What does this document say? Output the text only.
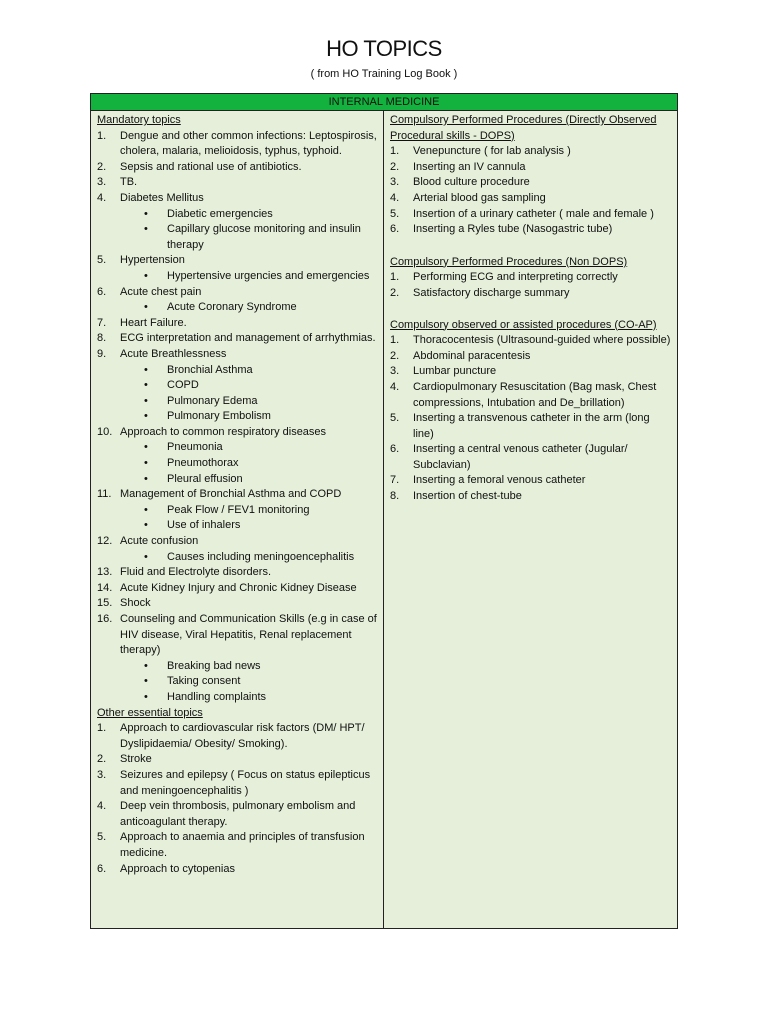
HO TOPICS
( from HO Training Log Book )
INTERNAL MEDICINE
Mandatory topics
1.	Dengue and other common infections: Leptospirosis, cholera, malaria, melioidosis, typhus, typhoid.
2.	Sepsis and rational use of antibiotics.
3.	TB.
4.	Diabetes Mellitus
•	Diabetic emergencies
•	Capillary glucose monitoring and insulin therapy
5.	Hypertension
•	Hypertensive urgencies and emergencies
6.	Acute chest pain
•	Acute Coronary Syndrome
7.	Heart Failure.
8.	ECG interpretation and management of arrhythmias.
9.	Acute Breathlessness
•	Bronchial Asthma
•	COPD
•	Pulmonary Edema
•	Pulmonary Embolism
10. Approach to common respiratory diseases
•	Pneumonia
•	Pneumothorax
•	Pleural effusion
11. Management of Bronchial Asthma and COPD
•	Peak Flow / FEV1 monitoring
•	Use of inhalers
12. Acute confusion
•	Causes including meningoencephalitis
13. Fluid and Electrolyte disorders.
14. Acute Kidney Injury and Chronic Kidney Disease
15. Shock
16. Counseling and Communication Skills (e.g in case of HIV disease, Viral Hepatitis, Renal replacement therapy)
•	Breaking bad news
•	Taking consent
•	Handling complaints
Other essential topics
1.	Approach to cardiovascular risk factors (DM/ HPT/ Dyslipidaemia/ Obesity/ Smoking).
2.	Stroke
3.	Seizures and epilepsy ( Focus on status epilepticus and meningoencephalitis )
4.	Deep vein thrombosis, pulmonary embolism and anticoagulant therapy.
5.	Approach to anaemia and principles of transfusion medicine.
6.	Approach to cytopenias
Compulsory Performed Procedures (Directly Observed Procedural skills - DOPS)
1.	Venepuncture ( for lab analysis )
2.	Inserting an IV cannula
3.	Blood culture procedure
4.	Arterial blood gas sampling
5.	Insertion of a urinary catheter ( male and female )
6.	Inserting a Ryles tube (Nasogastric tube)
Compulsory Performed Procedures (Non DOPS)
1.	Performing ECG and interpreting correctly
2.	Satisfactory discharge summary
Compulsory observed or assisted procedures (CO-AP)
1.	Thoracocentesis (Ultrasound-guided where possible)
2.	Abdominal paracentesis
3.	Lumbar puncture
4.	Cardiopulmonary Resuscitation (Bag mask, Chest compressions, Intubation and De_brillation)
5.	Inserting a transvenous catheter in the arm (long line)
6.	Inserting a central venous catheter (Jugular/ Subclavian)
7.	Inserting a femoral venous catheter
8.	Insertion of chest-tube
